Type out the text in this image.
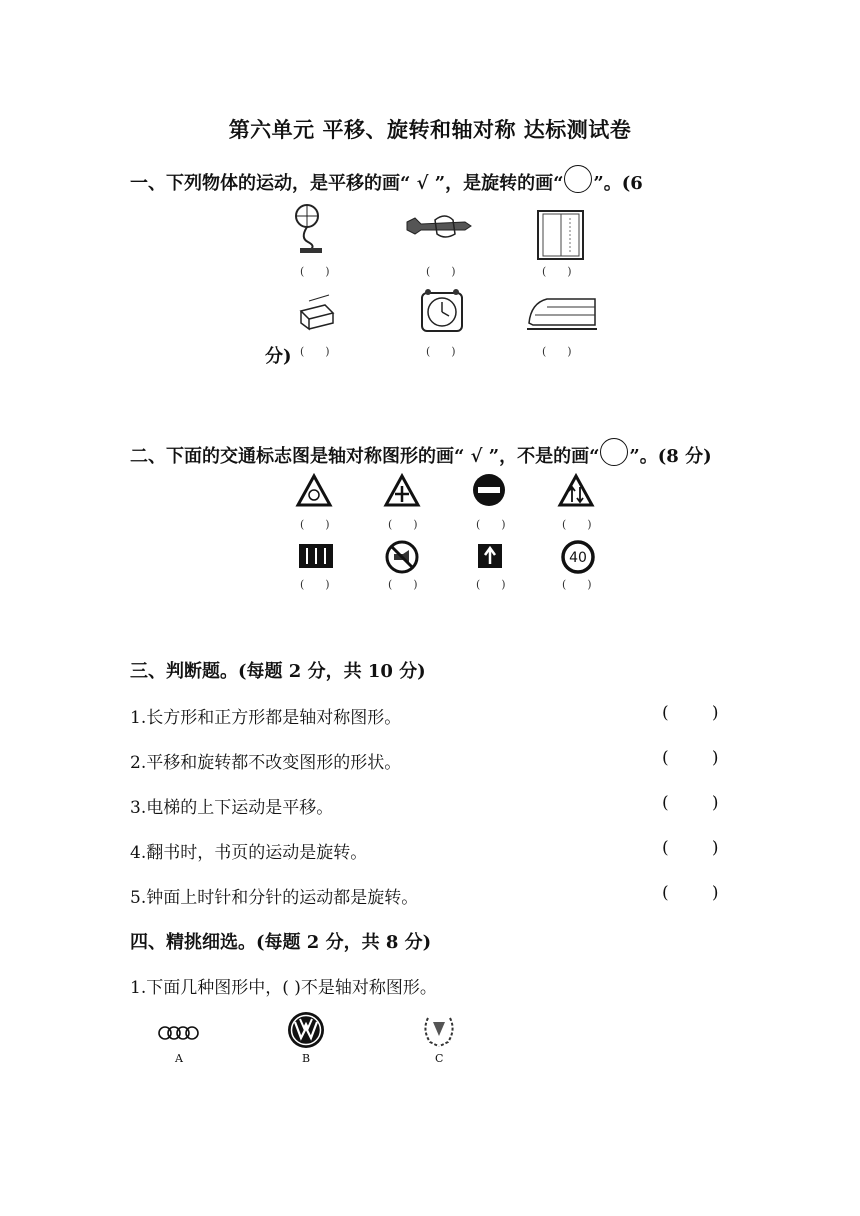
第六单元 平移、旋转和轴对称 达标测试卷
一、下列物体的运动，是平移的画“ √ ”，是旋转的画“ ”。(6
(      )	(      )	(      )
分) (      )	(      )	(      )
二、下面的交通标志图是轴对称图形的画“ √ ”，不是的画“ ”。(8 分)
(      )	(      )	(      )	(      )
40
(      )	(      )	(      )	(      )
三、判断题。(每题 2 分，共 10 分)
1.长方形和正方形都是轴对称图形。	(        )
2.平移和旋转都不改变图形的形状。	(        )
3.电梯的上下运动是平移。	(        )
4.翻书时，书页的运动是旋转。	(        )
5.钟面上时针和分针的运动都是旋转。	(        )
四、精挑细选。(每题 2 分，共 8 分)
1.下面几种图形中，( )不是轴对称图形。
A	B	C
